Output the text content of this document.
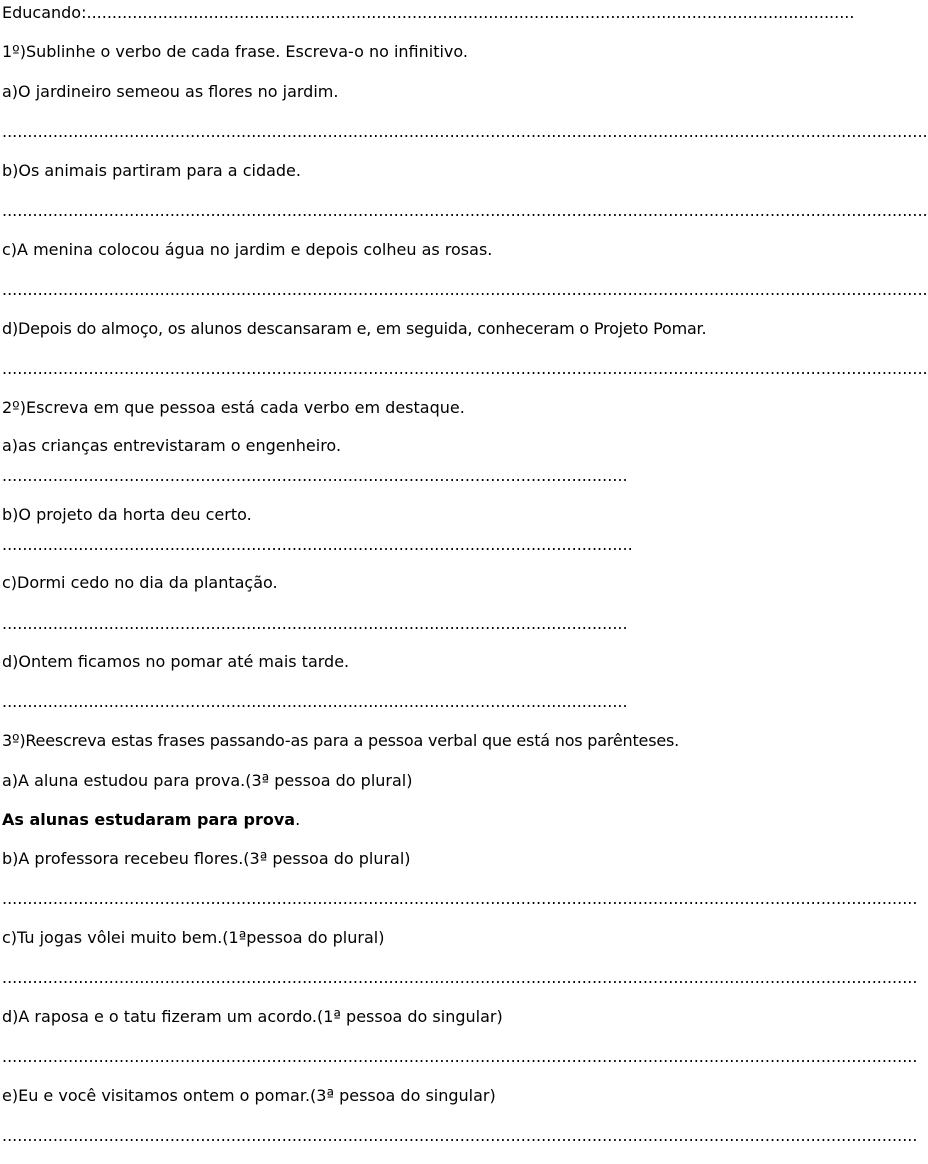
Educando:.......................................................................................................................................................
1º)Sublinhe o verbo de cada frase. Escreva-o no infinitivo.
a)O jardineiro semeou as flores no jardim.
......................................................................................................................................................................................
b)Os animais partiram para a cidade.
......................................................................................................................................................................................
c)A menina colocou água no jardim e depois colheu as rosas.
......................................................................................................................................................................................
d)Depois do almoço, os alunos descansaram e, em seguida, conheceram o Projeto Pomar.
......................................................................................................................................................................................
2º)Escreva em que pessoa está cada verbo em destaque.
a)as crianças entrevistaram o engenheiro.
...........................................................................................................................
b)O projeto da horta deu certo.
............................................................................................................................
c)Dormi cedo no dia da plantação.
...........................................................................................................................
d)Ontem ficamos no pomar até mais tarde.
...........................................................................................................................
3º)Reescreva estas frases passando-as para a pessoa verbal que está nos parênteses.
a)A aluna estudou para prova.(3ª pessoa do plural)
As alunas estudaram para prova.
b)A professora recebeu flores.(3ª pessoa do plural)
....................................................................................................................................................................................
c)Tu jogas vôlei muito bem.(1ªpessoa do plural)
....................................................................................................................................................................................
d)A raposa e o tatu fizeram um acordo.(1ª pessoa do singular)
....................................................................................................................................................................................
e)Eu e você visitamos ontem o pomar.(3ª pessoa do singular)
....................................................................................................................................................................................
